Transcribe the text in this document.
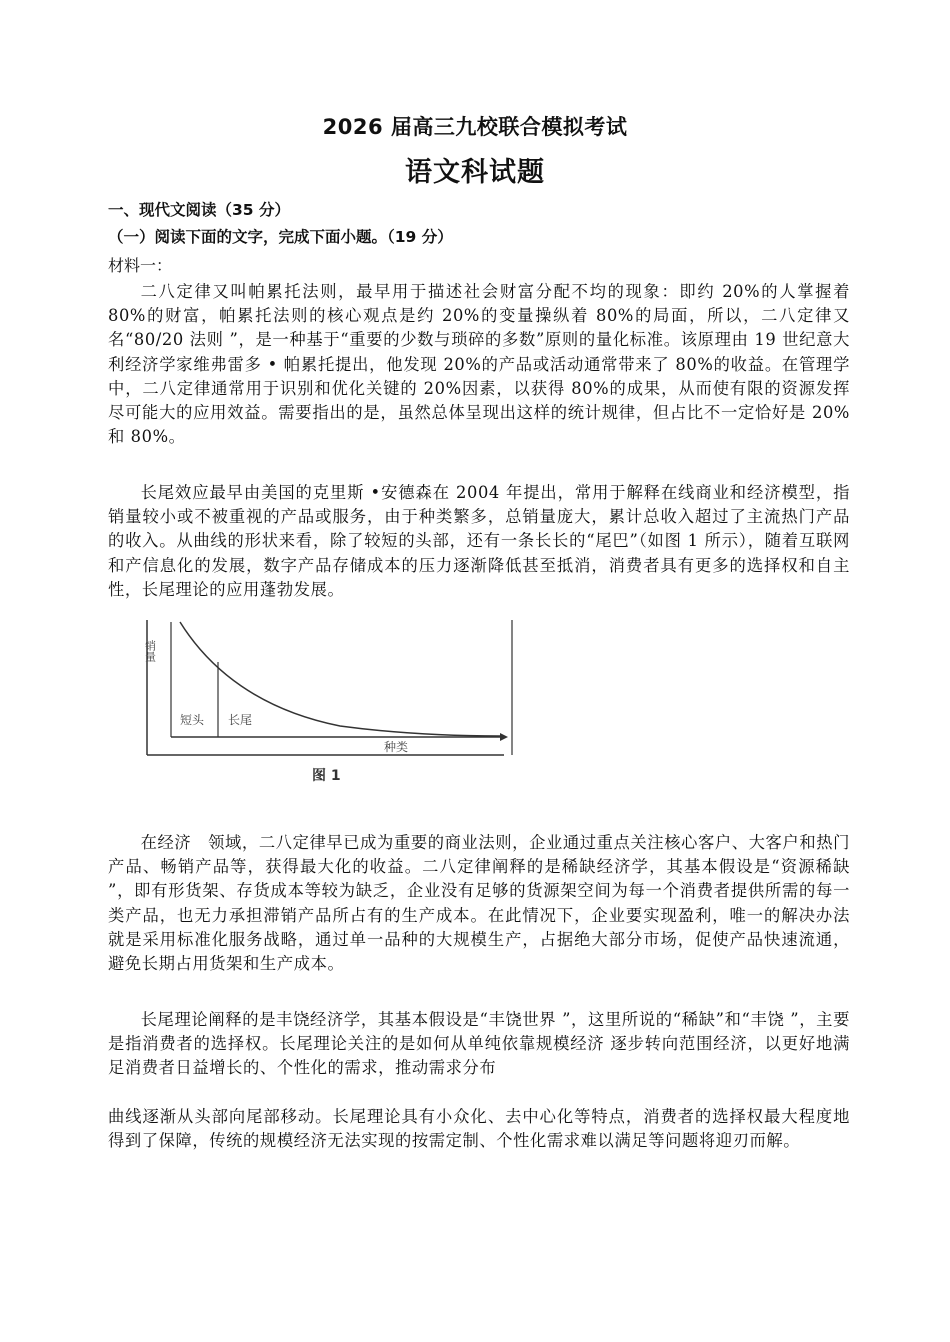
2026 届高三九校联合模拟考试
语文科试题
一、现代文阅读（35 分）
（一）阅读下面的文字，完成下面小题。（19 分）
材料一：

二八定律又叫帕累托法则，最早用于描述社会财富分配不均的现象：即约 20%的人掌握着 80%的财富，帕累托法则的核心观点是约 20%的变量操纵着 80%的局面，所以，二八定律又名“80/20 法则 ”，是一种基于“重要的少数与琐碎的多数”原则的量化标准。该原理由 19 世纪意大利经济学家维弗雷多 • 帕累托提出，他发现 20%的产品或活动通常带来了 80%的收益。在管理学中，二八定律通常用于识别和优化关键的 20%因素，以获得 80%的成果，从而使有限的资源发挥尽可能大的应用效益。需要指出的是，虽然总体呈现出这样的统计规律，但占比不一定恰好是 20%和 80%。

长尾效应最早由美国的克里斯 •安德森在 2004 年提出，常用于解释在线商业和经济模型，指销量较小或不被重视的产品或服务，由于种类繁多，总销量庞大，累计总收入超过了主流热门产品的收入。从曲线的形状来看，除了较短的头部，还有一条长长的“尾巴”（如图 1 所示），随着互联网和产信息化的发展，数字产品存储成本的压力逐渐降低甚至抵消，消费者具有更多的选择权和自主性，长尾理论的应用蓬勃发展。

销量
短头 长尾
种类
图 1

在经济　领域，二八定律早已成为重要的商业法则，企业通过重点关注核心客户、大客户和热门产品、畅销产品等，获得最大化的收益。二八定律阐释的是稀缺经济学，其基本假设是“资源稀缺 ”，即有形货架、存货成本等较为缺乏，企业没有足够的货源架空间为每一个消费者提供所需的每一类产品，也无力承担滞销产品所占有的生产成本。在此情况下，企业要实现盈利，唯一的解决办法就是采用标准化服务战略，通过单一品种的大规模生产，占据绝大部分市场，促使产品快速流通，避免长期占用货架和生产成本。

长尾理论阐释的是丰饶经济学，其基本假设是“丰饶世界 ”，这里所说的“稀缺”和“丰饶 ”，主要是指消费者的选择权。长尾理论关注的是如何从单纯依靠规模经济 逐步转向范围经济，以更好地满足消费者日益增长的、个性化的需求，推动需求分布

曲线逐渐从头部向尾部移动。长尾理论具有小众化、去中心化等特点，消费者的选择权最大程度地得到了保障，传统的规模经济无法实现的按需定制、个性化需求难以满足等问题将迎刃而解。
